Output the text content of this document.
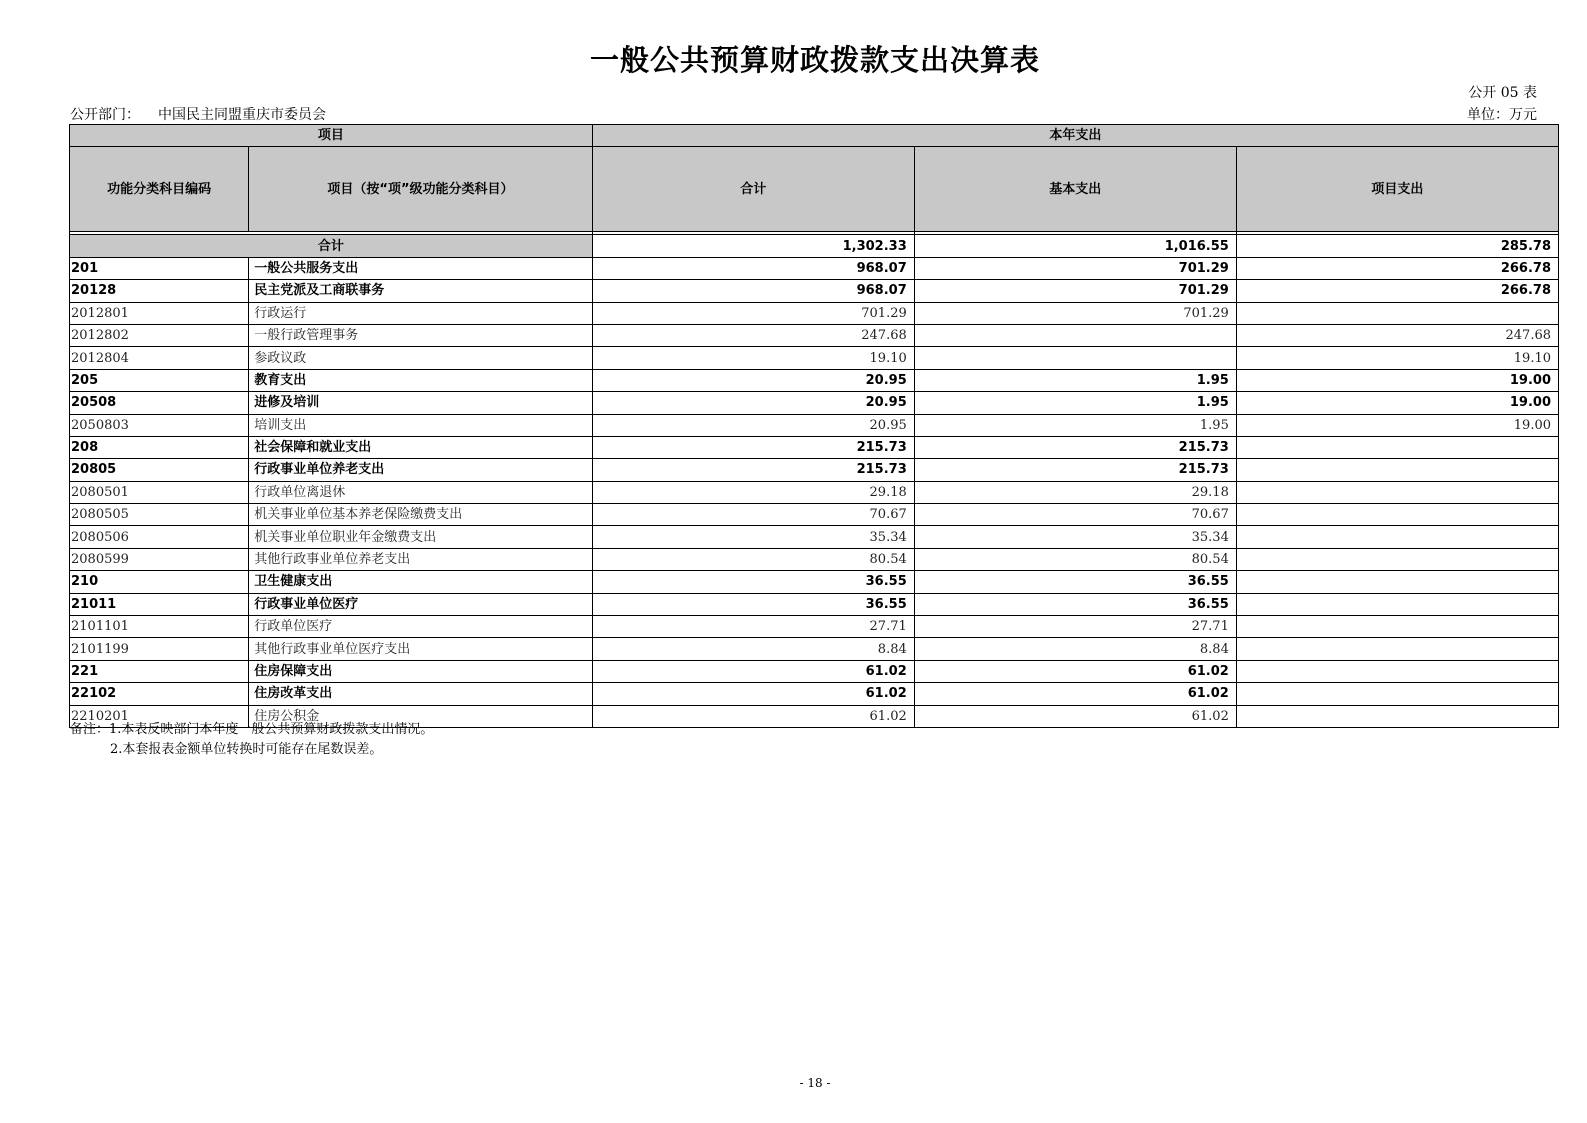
一般公共预算财政拨款支出决算表
公开 05 表
公开部门： 中国民主同盟重庆市委员会	单位：万元
项目		本年支出		
功能分类科目编码	项目（按“项”级功能分类科目）	合计	基本支出	项目支出

合计		1,302.33	1,016.55	285.78
201	一般公共服务支出	968.07	701.29	266.78
20128	民主党派及工商联事务	968.07	701.29	266.78
2012801	行政运行	701.29	701.29	
2012802	一般行政管理事务	247.68		247.68
2012804	参政议政	19.10		19.10
205	教育支出	20.95	1.95	19.00
20508	进修及培训	20.95	1.95	19.00
2050803	培训支出	20.95	1.95	19.00
208	社会保障和就业支出	215.73	215.73	
20805	行政事业单位养老支出	215.73	215.73	
2080501	行政单位离退休	29.18	29.18	
2080505	机关事业单位基本养老保险缴费支出	70.67	70.67	
2080506	机关事业单位职业年金缴费支出	35.34	35.34	
2080599	其他行政事业单位养老支出	80.54	80.54	
210	卫生健康支出	36.55	36.55	
21011	行政事业单位医疗	36.55	36.55	
2101101	行政单位医疗	27.71	27.71	
2101199	其他行政事业单位医疗支出	8.84	8.84	
221	住房保障支出	61.02	61.02	
22102	住房改革支出	61.02	61.02	
2210201	住房公积金	61.02	61.02	
备注：1.本表反映部门本年度一般公共预算财政拨款支出情况。
2.本套报表金额单位转换时可能存在尾数误差。
- 18 -
